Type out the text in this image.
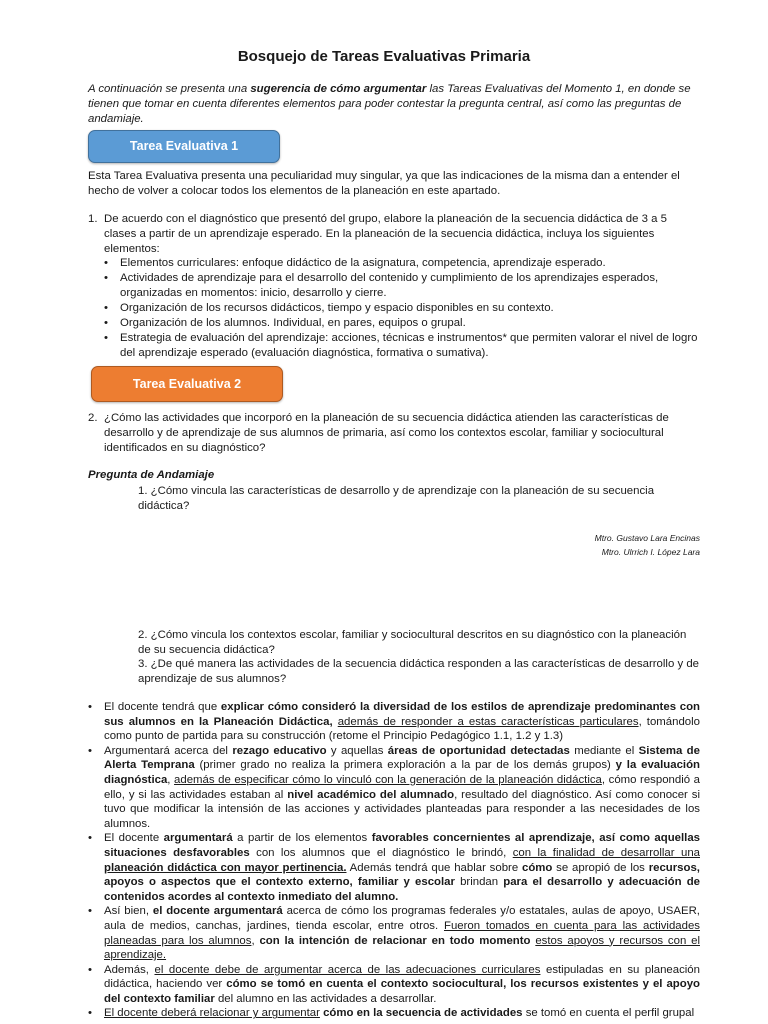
Bosquejo de Tareas Evaluativas Primaria
A continuación se presenta una sugerencia de cómo argumentar las Tareas Evaluativas del Momento 1, en donde se tienen que tomar en cuenta diferentes elementos para poder contestar la pregunta central, así como las preguntas de andamiaje.
Tarea Evaluativa 1
Esta Tarea Evaluativa presenta una peculiaridad muy singular, ya que las indicaciones de la misma dan a entender el hecho de volver a colocar todos los elementos de la planeación en este apartado.
1. De acuerdo con el diagnóstico que presentó del grupo, elabore la planeación de la secuencia didáctica de 3 a 5 clases a partir de un aprendizaje esperado. En la planeación de la secuencia didáctica, incluya los siguientes elementos:
• Elementos curriculares: enfoque didáctico de la asignatura, competencia, aprendizaje esperado.
• Actividades de aprendizaje para el desarrollo del contenido y cumplimiento de los aprendizajes esperados, organizadas en momentos: inicio, desarrollo y cierre.
• Organización de los recursos didácticos, tiempo y espacio disponibles en su contexto.
• Organización de los alumnos. Individual, en pares, equipos o grupal.
• Estrategia de evaluación del aprendizaje: acciones, técnicas e instrumentos* que permiten valorar el nivel de logro del aprendizaje esperado (evaluación diagnóstica, formativa o sumativa).
Tarea Evaluativa 2
2. ¿Cómo las actividades que incorporó en la planeación de su secuencia didáctica atienden las características de desarrollo y de aprendizaje de sus alumnos de primaria, así como los contextos escolar, familiar y sociocultural identificados en su diagnóstico?
Pregunta de Andamiaje
1. ¿Cómo vincula las características de desarrollo y de aprendizaje con la planeación de su secuencia didáctica?
Mtro. Gustavo Lara Encinas
Mtro. Ulrrich I. López Lara
2. ¿Cómo vincula los contextos escolar, familiar y sociocultural descritos en su diagnóstico con la planeación de su secuencia didáctica?
3. ¿De qué manera las actividades de la secuencia didáctica responden a las características de desarrollo y de aprendizaje de sus alumnos?
• El docente tendrá que explicar cómo consideró la diversidad de los estilos de aprendizaje predominantes con sus alumnos en la Planeación Didáctica, además de responder a estas características particulares, tomándolo como punto de partida para su construcción (retome el Principio Pedagógico 1.1, 1.2 y 1.3)
• Argumentará acerca del rezago educativo y aquellas áreas de oportunidad detectadas mediante el Sistema de Alerta Temprana (primer grado no realiza la primera exploración a la par de los demás grupos) y la evaluación diagnóstica, además de especificar cómo lo vinculó con la generación de la planeación didáctica, cómo respondió a ello, y si las actividades estaban al nivel académico del alumnado, resultado del diagnóstico. Así como conocer si tuvo que modificar la intensión de las acciones y actividades planteadas para responder a las necesidades de los alumnos.
• El docente argumentará a partir de los elementos favorables concernientes al aprendizaje, así como aquellas situaciones desfavorables con los alumnos que el diagnóstico le brindó, con la finalidad de desarrollar una planeación didáctica con mayor pertinencia. Además tendrá que hablar sobre cómo se apropió de los recursos, apoyos o aspectos que el contexto externo, familiar y escolar brindan para el desarrollo y adecuación de contenidos acordes al contexto inmediato del alumno.
• Así bien, el docente argumentará acerca de cómo los programas federales y/o estatales, aulas de apoyo, USAER, aula de medios, canchas, jardines, tienda escolar, entre otros. Fueron tomados en cuenta para las actividades planeadas para los alumnos, con la intención de relacionar en todo momento estos apoyos y recursos con el aprendizaje.
• Además, el docente debe de argumentar acerca de las adecuaciones curriculares estipuladas en su planeación didáctica, haciendo ver cómo se tomó en cuenta el contexto sociocultural, los recursos existentes y el apoyo del contexto familiar del alumno en las actividades a desarrollar.
• El docente deberá relacionar y argumentar cómo en la secuencia de actividades se tomó en cuenta el perfil grupal
